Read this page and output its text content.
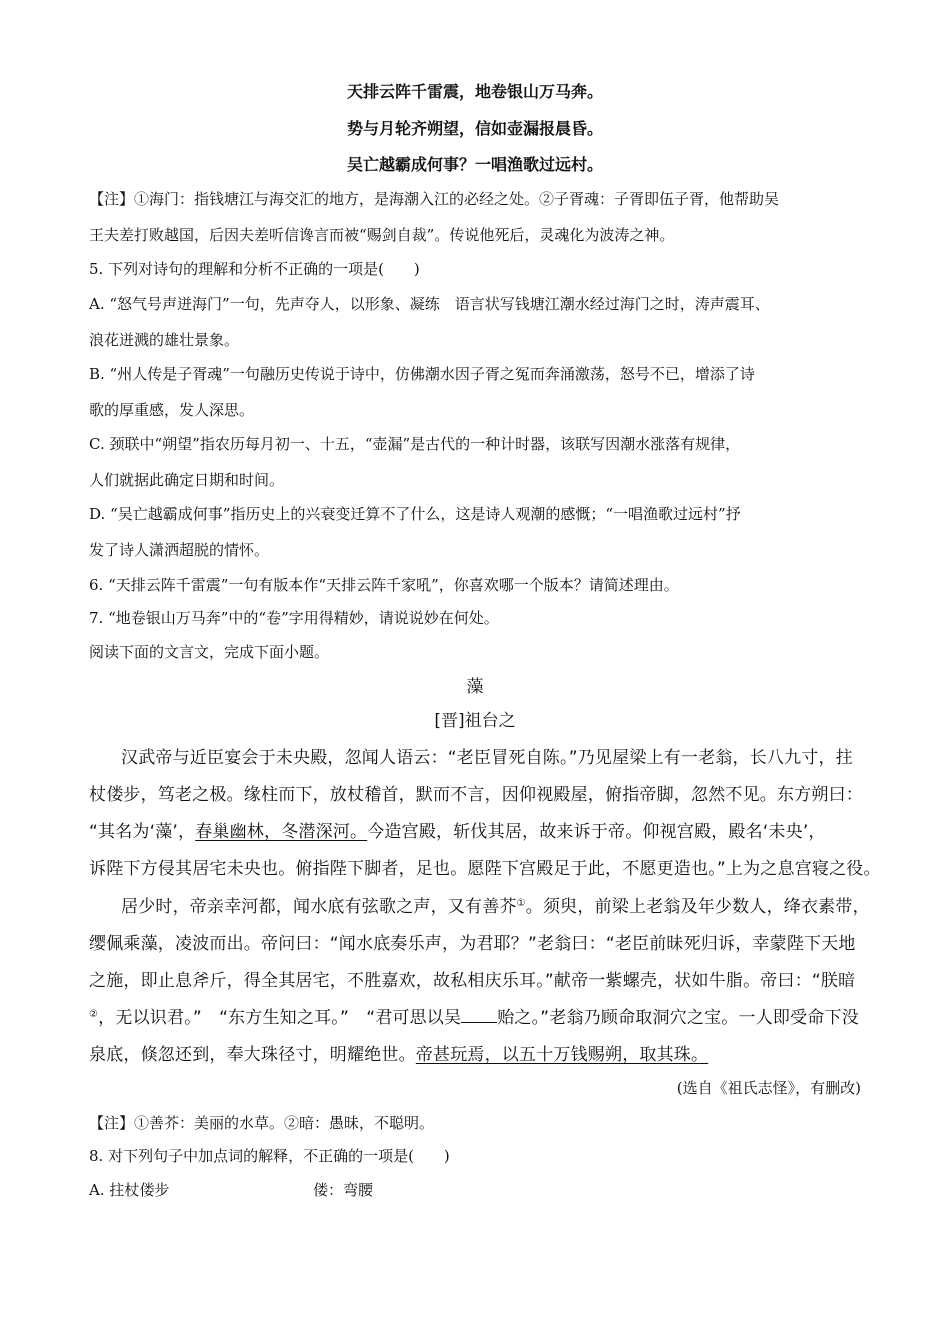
天排云阵千雷震，地卷银山万马奔。
势与月轮齐朔望，信如壶漏报晨昏。
吴亡越霸成何事？一唱渔歌过远村。
【注】①海门：指钱塘江与海交汇的地方，是海潮入江的必经之处。②子胥魂：子胥即伍子胥，他帮助吴
王夫差打败越国，后因夫差听信谗言而被“赐剑自裁”。传说他死后，灵魂化为波涛之神。
5. 下列对诗句的理解和分析不正确的一项是(　　)
A. “怒气号声迸海门”一句，先声夺人，以形象、凝练　语言状写钱塘江潮水经过海门之时，涛声震耳、
浪花迸溅的雄壮景象。
B. “州人传是子胥魂”一句融历史传说于诗中，仿佛潮水因子胥之冤而奔涌激荡，怒号不已，增添了诗
歌的厚重感，发人深思。
C. 颈联中“朔望”指农历每月初一、十五，“壶漏”是古代的一种计时器，该联写因潮水涨落有规律，
人们就据此确定日期和时间。
D. “吴亡越霸成何事”指历史上的兴衰变迁算不了什么，这是诗人观潮的感慨；“一唱渔歌过远村”抒
发了诗人潇洒超脱的情怀。
6. “天排云阵千雷震”一句有版本作“天排云阵千家吼”，你喜欢哪一个版本？请简述理由。
7. “地卷银山万马奔”中的“卷”字用得精妙，请说说妙在何处。
阅读下面的文言文，完成下面小题。
藻
[晋]祖台之
汉武帝与近臣宴会于未央殿，忽闻人语云：“老臣冒死自陈。”乃见屋梁上有一老翁，长八九寸，拄
杖偻步，笃老之极。缘柱而下，放杖稽首，默而不言，因仰视殿屋，俯指帝脚，忽然不见。东方朔曰：
“其名为‘藻’，春巢幽林，冬潜深河。今造宫殿，斩伐其居，故来诉于帝。仰视宫殿，殿名‘未央’，
诉陛下方侵其居宅未央也。俯指陛下脚者，足也。愿陛下宫殿足于此，不愿更造也。”上为之息宫寝之役。
居少时，帝亲幸河都，闻水底有弦歌之声，又有善芥①。须臾，前梁上老翁及年少数人，绛衣素带，
缨佩乘藻，凌波而出。帝问曰：“闻水底奏乐声，为君耶？”老翁曰：“老臣前昧死归诉，幸蒙陛下天地
之施，即止息斧斤，得全其居宅，不胜嘉欢，故私相庆乐耳。”献帝一紫螺壳，状如牛脂。帝曰：“朕暗
②，无以识君。”　“东方生知之耳。”　“君可思以吴 贻之。”老翁乃顾命取洞穴之宝。一人即受命下没
泉底，倏忽还到，奉大珠径寸，明耀绝世。帝甚玩焉，以五十万钱赐朔，取其珠。
(选自《祖氏志怪》，有删改)
【注】①善芥：美丽的水草。②暗：愚昧，不聪明。
8. 对下列句子中加点词的解释，不正确的一项是(　　)
A. 拄杖偻步	偻：弯腰
